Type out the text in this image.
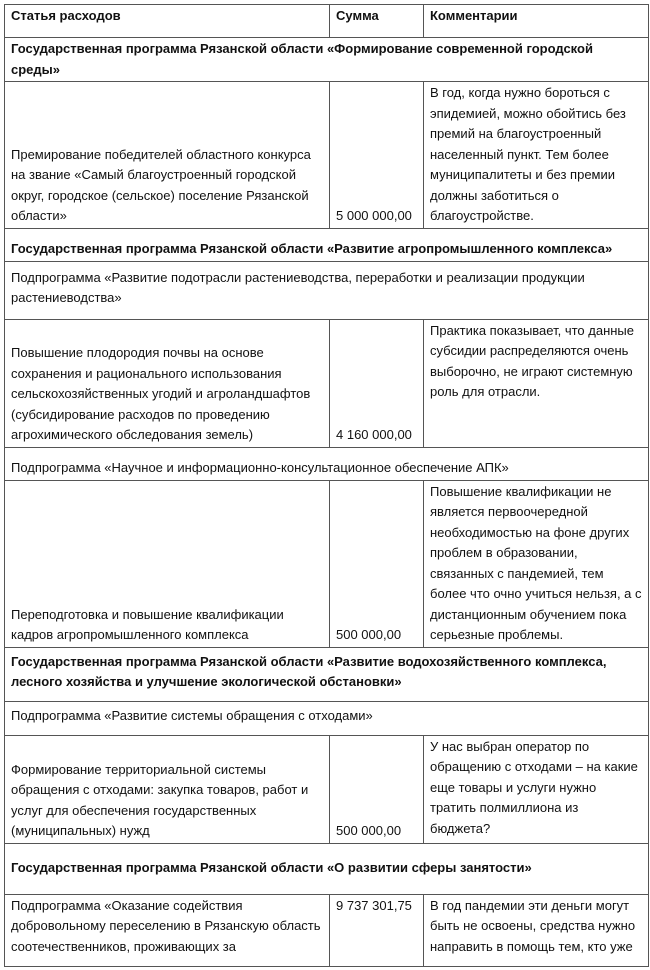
Статья расходов	Сумма	Комментарии
Государственная программа Рязанской области «Формирование современной городской среды»		
Премирование победителей областного конкурса на звание «Самый благоустроенный городской округ, городское (сельское) поселение Рязанской области»	5 000 000,00	В год, когда нужно бороться с эпидемией, можно обойтись без премий на благоустроенный населенный пункт. Тем более муниципалитеты и без премии должны заботиться о благоустройстве.
Государственная программа Рязанской области «Развитие агропромышленного комплекса»		
Подпрограмма «Развитие подотрасли растениеводства, переработки и реализации продукции растениеводства»		
Повышение плодородия почвы на основе сохранения и рационального использования сельскохозяйственных угодий и агроландшафтов (субсидирование расходов по проведению агрохимического обследования земель)	4 160 000,00	Практика показывает, что данные субсидии распределяются очень выборочно, не играют системную роль для отрасли.
Подпрограмма «Научное и информационно-консультационное обеспечение АПК»		
Переподготовка и повышение квалификации кадров агропромышленного комплекса	500 000,00	Повышение квалификации не является первоочередной необходимостью на фоне других проблем в образовании, связанных с пандемией, тем более что очно учиться нельзя, а с дистанционным обучением пока серьезные проблемы.
Государственная программа Рязанской области «Развитие водохозяйственного комплекса, лесного хозяйства и улучшение экологической обстановки»		
Подпрограмма «Развитие системы обращения с отходами»		
Формирование территориальной системы обращения с отходами: закупка товаров, работ и услуг для обеспечения государственных (муниципальных) нужд	500 000,00	У нас выбран оператор по обращению с отходами – на какие еще товары и услуги нужно тратить полмиллиона из бюджета?
Государственная программа Рязанской области «О развитии сферы занятости»		
Подпрограмма «Оказание содействия добровольному переселению в Рязанскую область соотечественников, проживающих за	9 737 301,75	В год пандемии эти деньги могут быть не освоены, средства нужно направить в помощь тем, кто уже
